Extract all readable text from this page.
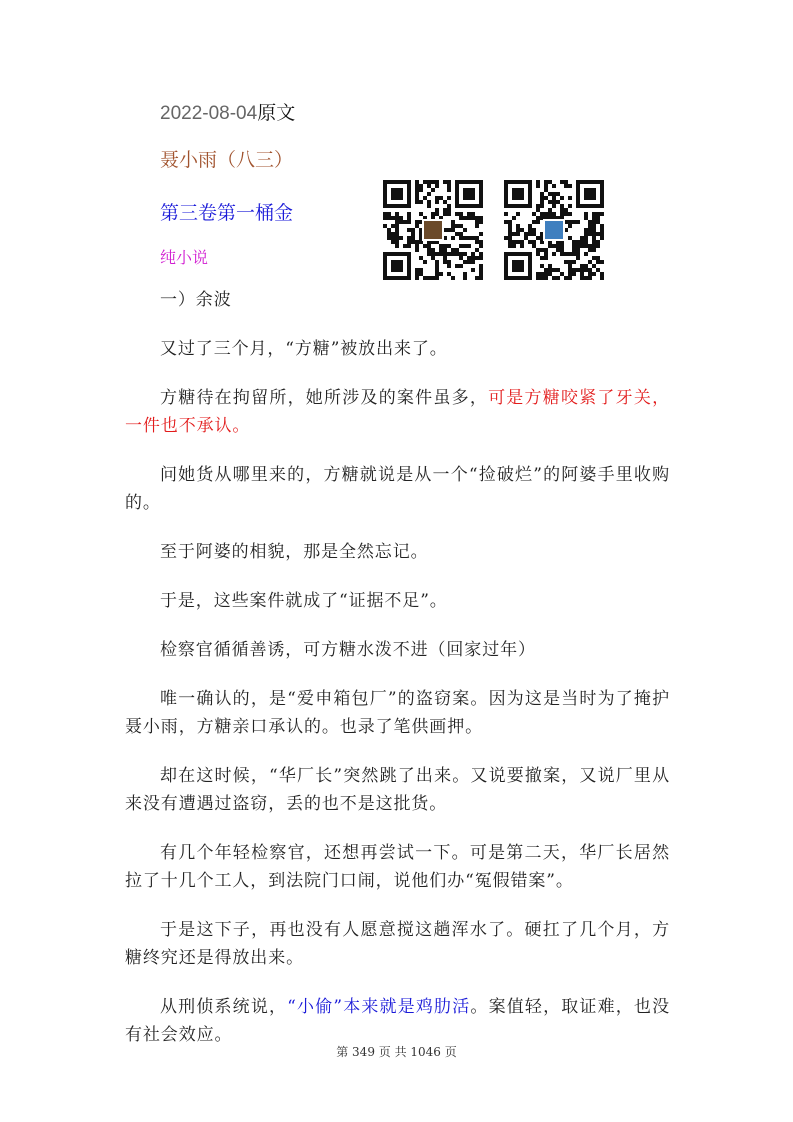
2022-08-04原文
聂小雨（八三）
第三卷第一桶金
纯小说

一）余波

又过了三个月，“方糖”被放出来了。

方糖待在拘留所，她所涉及的案件虽多，可是方糖咬紧了牙关，一件也不承认。

问她货从哪里来的，方糖就说是从一个“捡破烂”的阿婆手里收购的。

至于阿婆的相貌，那是全然忘记。

于是，这些案件就成了“证据不足”。

检察官循循善诱，可方糖水泼不进（回家过年）

唯一确认的，是“爱申箱包厂”的盗窃案。因为这是当时为了掩护聂小雨，方糖亲口承认的。也录了笔供画押。

却在这时候，“华厂长”突然跳了出来。又说要撤案，又说厂里从来没有遭遇过盗窃，丢的也不是这批货。

有几个年轻检察官，还想再尝试一下。可是第二天，华厂长居然拉了十几个工人，到法院门口闹，说他们办“冤假错案”。

于是这下子，再也没有人愿意搅这趟浑水了。硬扛了几个月，方糖终究还是得放出来。

从刑侦系统说，“小偷”本来就是鸡肋活。案值轻，取证难，也没有社会效应。

第 349 页 共 1046 页
